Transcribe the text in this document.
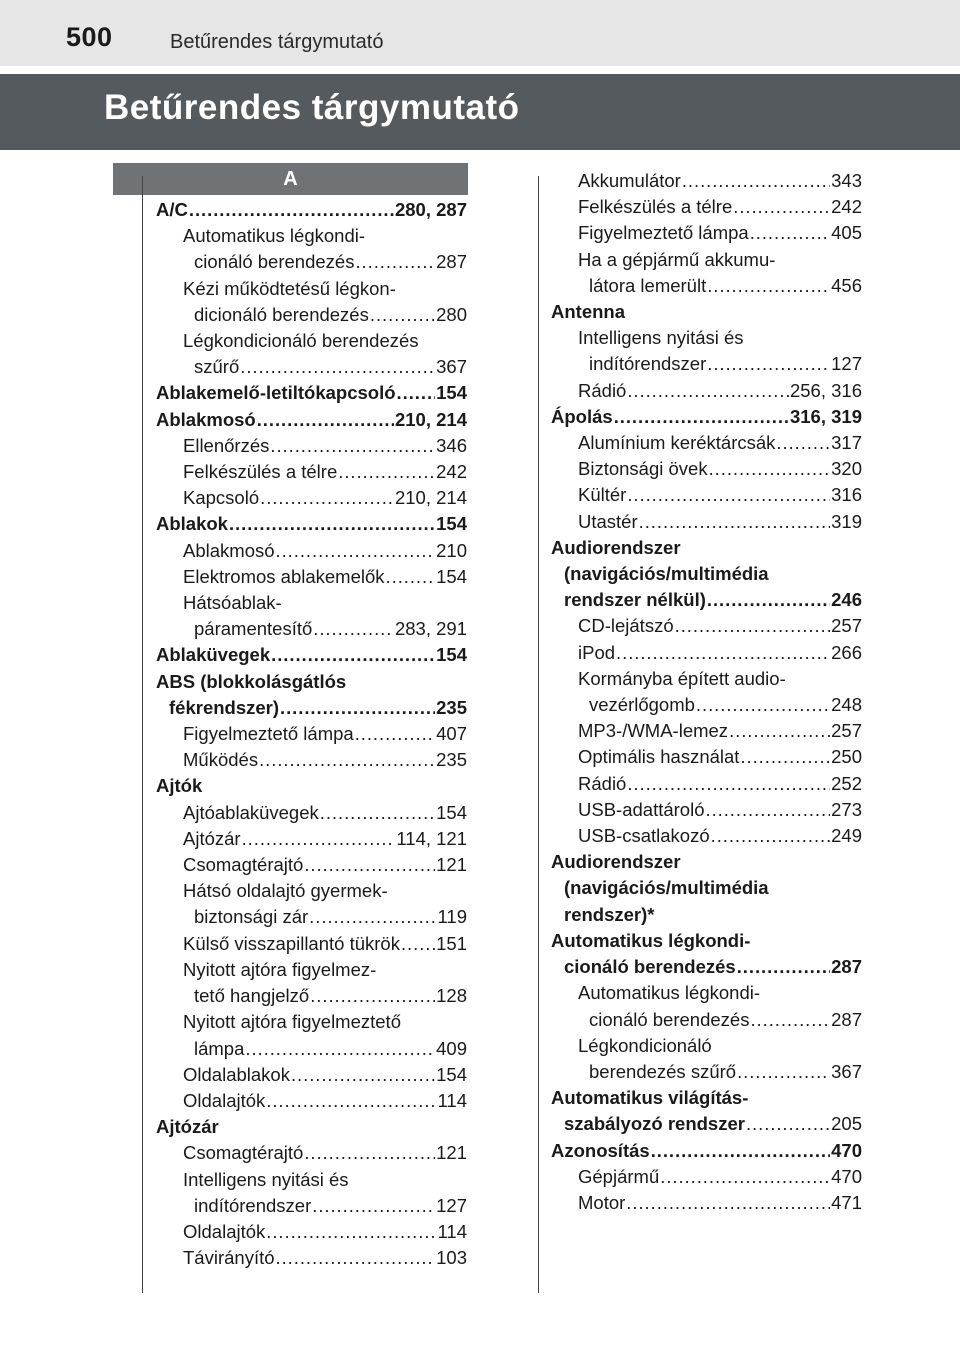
500	Betűrendes tárgymutató
Betűrendes tárgymutató
A
A/C . . .	280, 287
Automatikus légkondi-
cionáló berendezés . . .	287
Kézi működtetésű légkon-
dicionáló berendezés . . .	280
Légkondicionáló berendezés
szűrő . . .	367
Ablakemelő-letiltókapcsoló . . . 154
Ablakmosó . . .	210, 214
Ellenőrzés . . .	346
Felkészülés a télre . . .	242
Kapcsoló . . .	210, 214
Ablakok . . .	154
Ablakmosó . . .	210
Elektromos ablakemelők . . .	154
Hátsóablak-
páramentesítő . . .	283, 291
Ablaküvegek . . .	154
ABS (blokkolásgátlós
fékrendszer) . . .	235
Figyelmeztető lámpa . . .	407
Működés . . .	235
Ajtók
Ajtóablaküvegek . . .	154
Ajtózár . . .	114, 121
Csomagtérajtó . . .	121
Hátsó oldalajtó gyermek-
biztonsági zár . . .	119
Külső visszapillantó tükrök . . . 151
Nyitott ajtóra figyelmez-
tető hangjelző . . .	128
Nyitott ajtóra figyelmeztető
lámpa . . .	409
Oldalablakok . . .	154
Oldalajtók . . .	114
Ajtózár
Csomagtérajtó . . .	121
Intelligens nyitási és
indítórendszer . . .	127
Oldalajtók . . .	114
Távirányító . . .	103
Akkumulátor . . .	343
Felkészülés a télre . . .	242
Figyelmeztető lámpa . . .	405
Ha a gépjármű akkumu-
látora lemerült . . .	456
Antenna
Intelligens nyitási és
indítórendszer . . .	127
Rádió . . .	256, 316
Ápolás . . .	316, 319
Alumínium keréktárcsák . . .	317
Biztonsági övek . . .	320
Kültér . . .	316
Utastér . . .	319
Audiorendszer
(navigációs/multimédia
rendszer nélkül) . . .	246
CD-lejátszó . . .	257
iPod . . .	266
Kormányba épített audio-
vezérlőgomb . . .	248
MP3-/WMA-lemez . . .	257
Optimális használat . . .	250
Rádió . . .	252
USB-adattároló . . .	273
USB-csatlakozó . . .	249
Audiorendszer
(navigációs/multimédia
rendszer)*
Automatikus légkondi-
cionáló berendezés . . .	287
Automatikus légkondi-
cionáló berendezés . . .	287
Légkondicionáló
berendezés szűrő . . .	367
Automatikus világítás-
szabályozó rendszer . . .	205
Azonosítás . . .	470
Gépjármű . . .	470
Motor . . .	471
